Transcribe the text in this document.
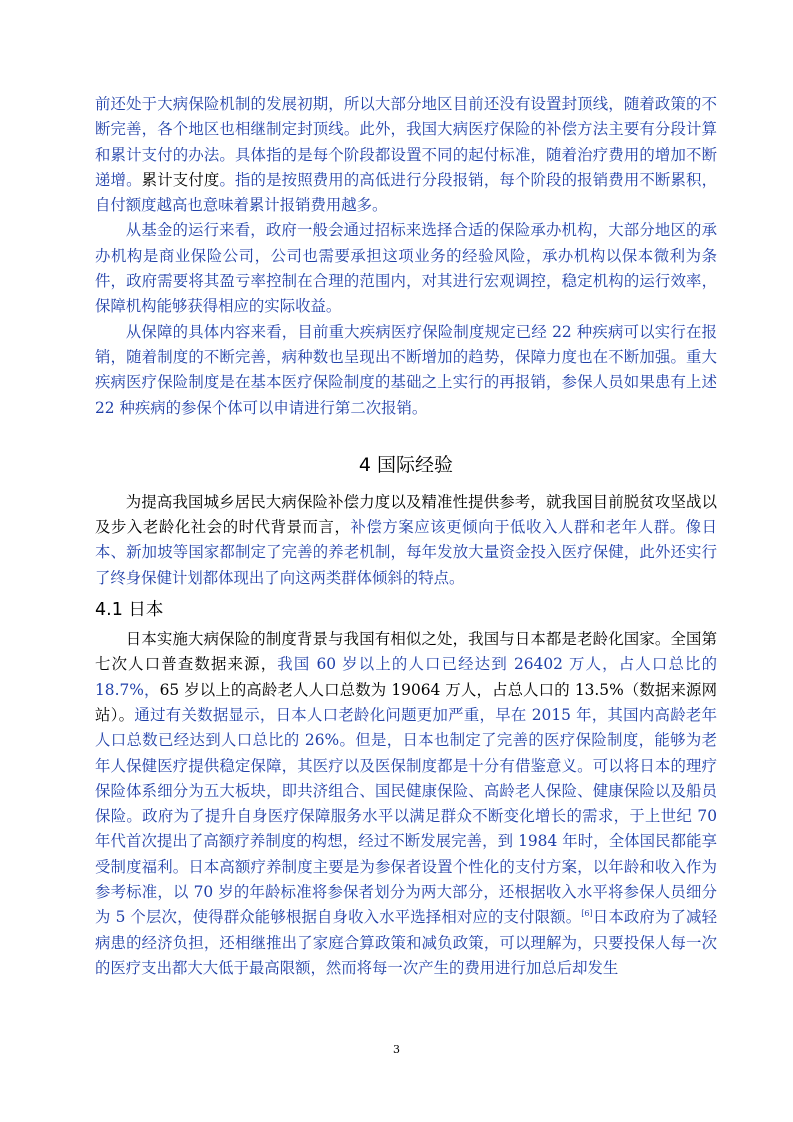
前还处于大病保险机制的发展初期，所以大部分地区目前还没有设置封顶线，随着政策的不断完善，各个地区也相继制定封顶线。此外，我国大病医疗保险的补偿方法主要有分段计算和累计支付的办法。具体指的是每个阶段都设置不同的起付标准，随着治疗费用的增加不断递增。累计支付度。指的是按照费用的高低进行分段报销，每个阶段的报销费用不断累积，自付额度越高也意味着累计报销费用越多。

从基金的运行来看，政府一般会通过招标来选择合适的保险承办机构，大部分地区的承办机构是商业保险公司，公司也需要承担这项业务的经验风险，承办机构以保本微利为条件，政府需要将其盈亏率控制在合理的范围内，对其进行宏观调控，稳定机构的运行效率，保障机构能够获得相应的实际收益。

从保障的具体内容来看，目前重大疾病医疗保险制度规定已经 22 种疾病可以实行在报销，随着制度的不断完善，病种数也呈现出不断增加的趋势，保障力度也在不断加强。重大疾病医疗保险制度是在基本医疗保险制度的基础之上实行的再报销，参保人员如果患有上述 22 种疾病的参保个体可以申请进行第二次报销。

4 国际经验

为提高我国城乡居民大病保险补偿力度以及精准性提供参考，就我国目前脱贫攻坚战以及步入老龄化社会的时代背景而言，补偿方案应该更倾向于低收入人群和老年人群。像日本、新加坡等国家都制定了完善的养老机制，每年发放大量资金投入医疗保健，此外还实行了终身保健计划都体现出了向这两类群体倾斜的特点。

4.1 日本

日本实施大病保险的制度背景与我国有相似之处，我国与日本都是老龄化国家。全国第七次人口普查数据来源，我国 60 岁以上的人口已经达到 26402 万人，占人口总比的 18.7%，65 岁以上的高龄老人人口总数为 19064 万人，占总人口的 13.5%（数据来源网站）。通过有关数据显示，日本人口老龄化问题更加严重，早在 2015 年，其国内高龄老年人口总数已经达到人口总比的 26%。但是，日本也制定了完善的医疗保险制度，能够为老年人保健医疗提供稳定保障，其医疗以及医保制度都是十分有借鉴意义。可以将日本的理疗保险体系细分为五大板块，即共济组合、国民健康保险、高龄老人保险、健康保险以及船员保险。政府为了提升自身医疗保障服务水平以满足群众不断变化增长的需求，于上世纪 70 年代首次提出了高额疗养制度的构想，经过不断发展完善，到 1984 年时，全体国民都能享受制度福利。日本高额疗养制度主要是为参保者设置个性化的支付方案，以年龄和收入作为参考标准，以 70 岁的年龄标准将参保者划分为两大部分，还根据收入水平将参保人员细分为 5 个层次，使得群众能够根据自身收入水平选择相对应的支付限额。[6]日本政府为了减轻病患的经济负担，还相继推出了家庭合算政策和减负政策，可以理解为，只要投保人每一次的医疗支出都大大低于最高限额，然而将每一次产生的费用进行加总后却发生

3
